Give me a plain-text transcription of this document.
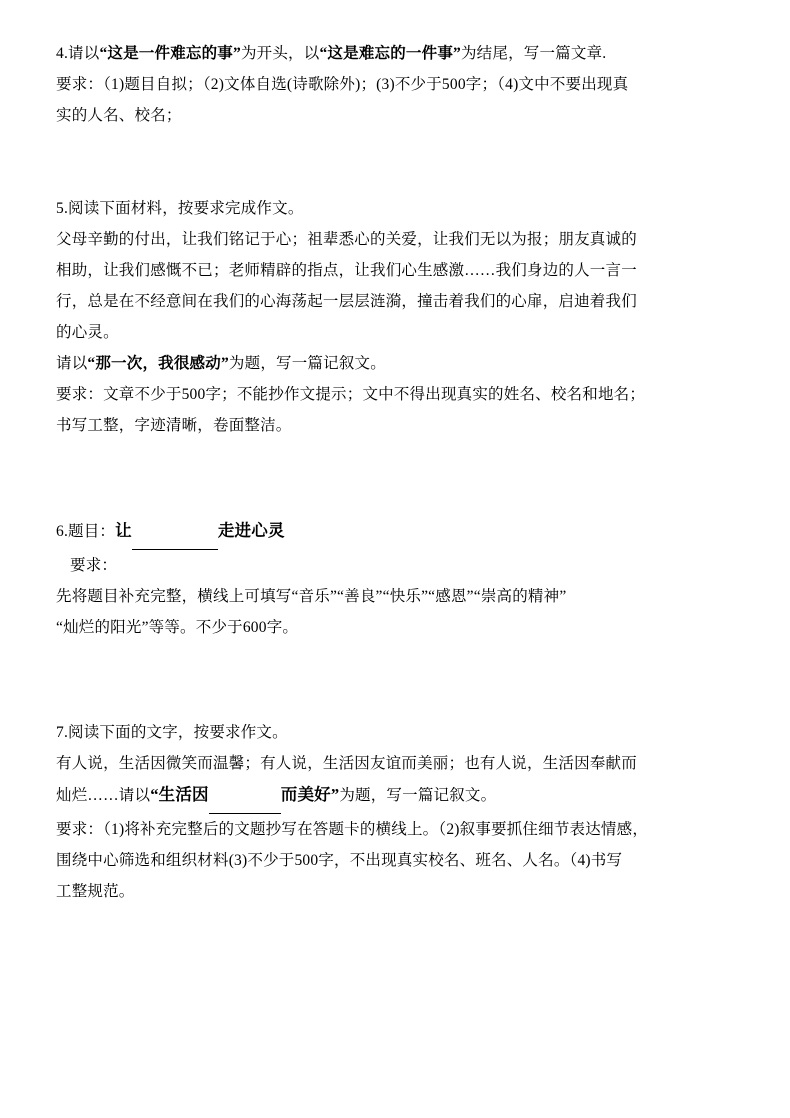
4.请以“这是一件难忘的事”为开头，以“这是难忘的一件事”为结尾，写一篇文章.

要求：（1)题目自拟；（2)文体自选(诗歌除外)；(3)不少于500字；（4)文中不要出现真

实的人名、校名；

5.阅读下面材料，按要求完成作文。

父母辛勤的付出，让我们铭记于心；祖辈悉心的关爱，让我们无以为报；朋友真诚的

相助，让我们感慨不已；老师精辟的指点，让我们心生感激……我们身边的人一言一

行，总是在不经意间在我们的心海荡起一层层涟漪，撞击着我们的心扉，启迪着我们

的心灵。

请以“那一次，我很感动”为题，写一篇记叙文。

要求：文章不少于500字；不能抄作文提示；文中不得出现真实的姓名、校名和地名；

书写工整，字迹清晰，卷面整洁。

6.题目：让	走进心灵

要求：

先将题目补充完整，横线上可填写“音乐”“善良”“快乐”“感恩”“崇高的精神”

“灿烂的阳光”等等。不少于600字。

7.阅读下面的文字，按要求作文。

有人说，生活因微笑而温馨；有人说，生活因友谊而美丽；也有人说，生活因奉献而

灿烂……请以“生活因	而美好”为题，写一篇记叙文。

要求：（1)将补充完整后的文题抄写在答题卡的横线上。（2)叙事要抓住细节表达情感，

围绕中心筛选和组织材料(3)不少于500字，不出现真实校名、班名、人名。（4)书写

工整规范。
